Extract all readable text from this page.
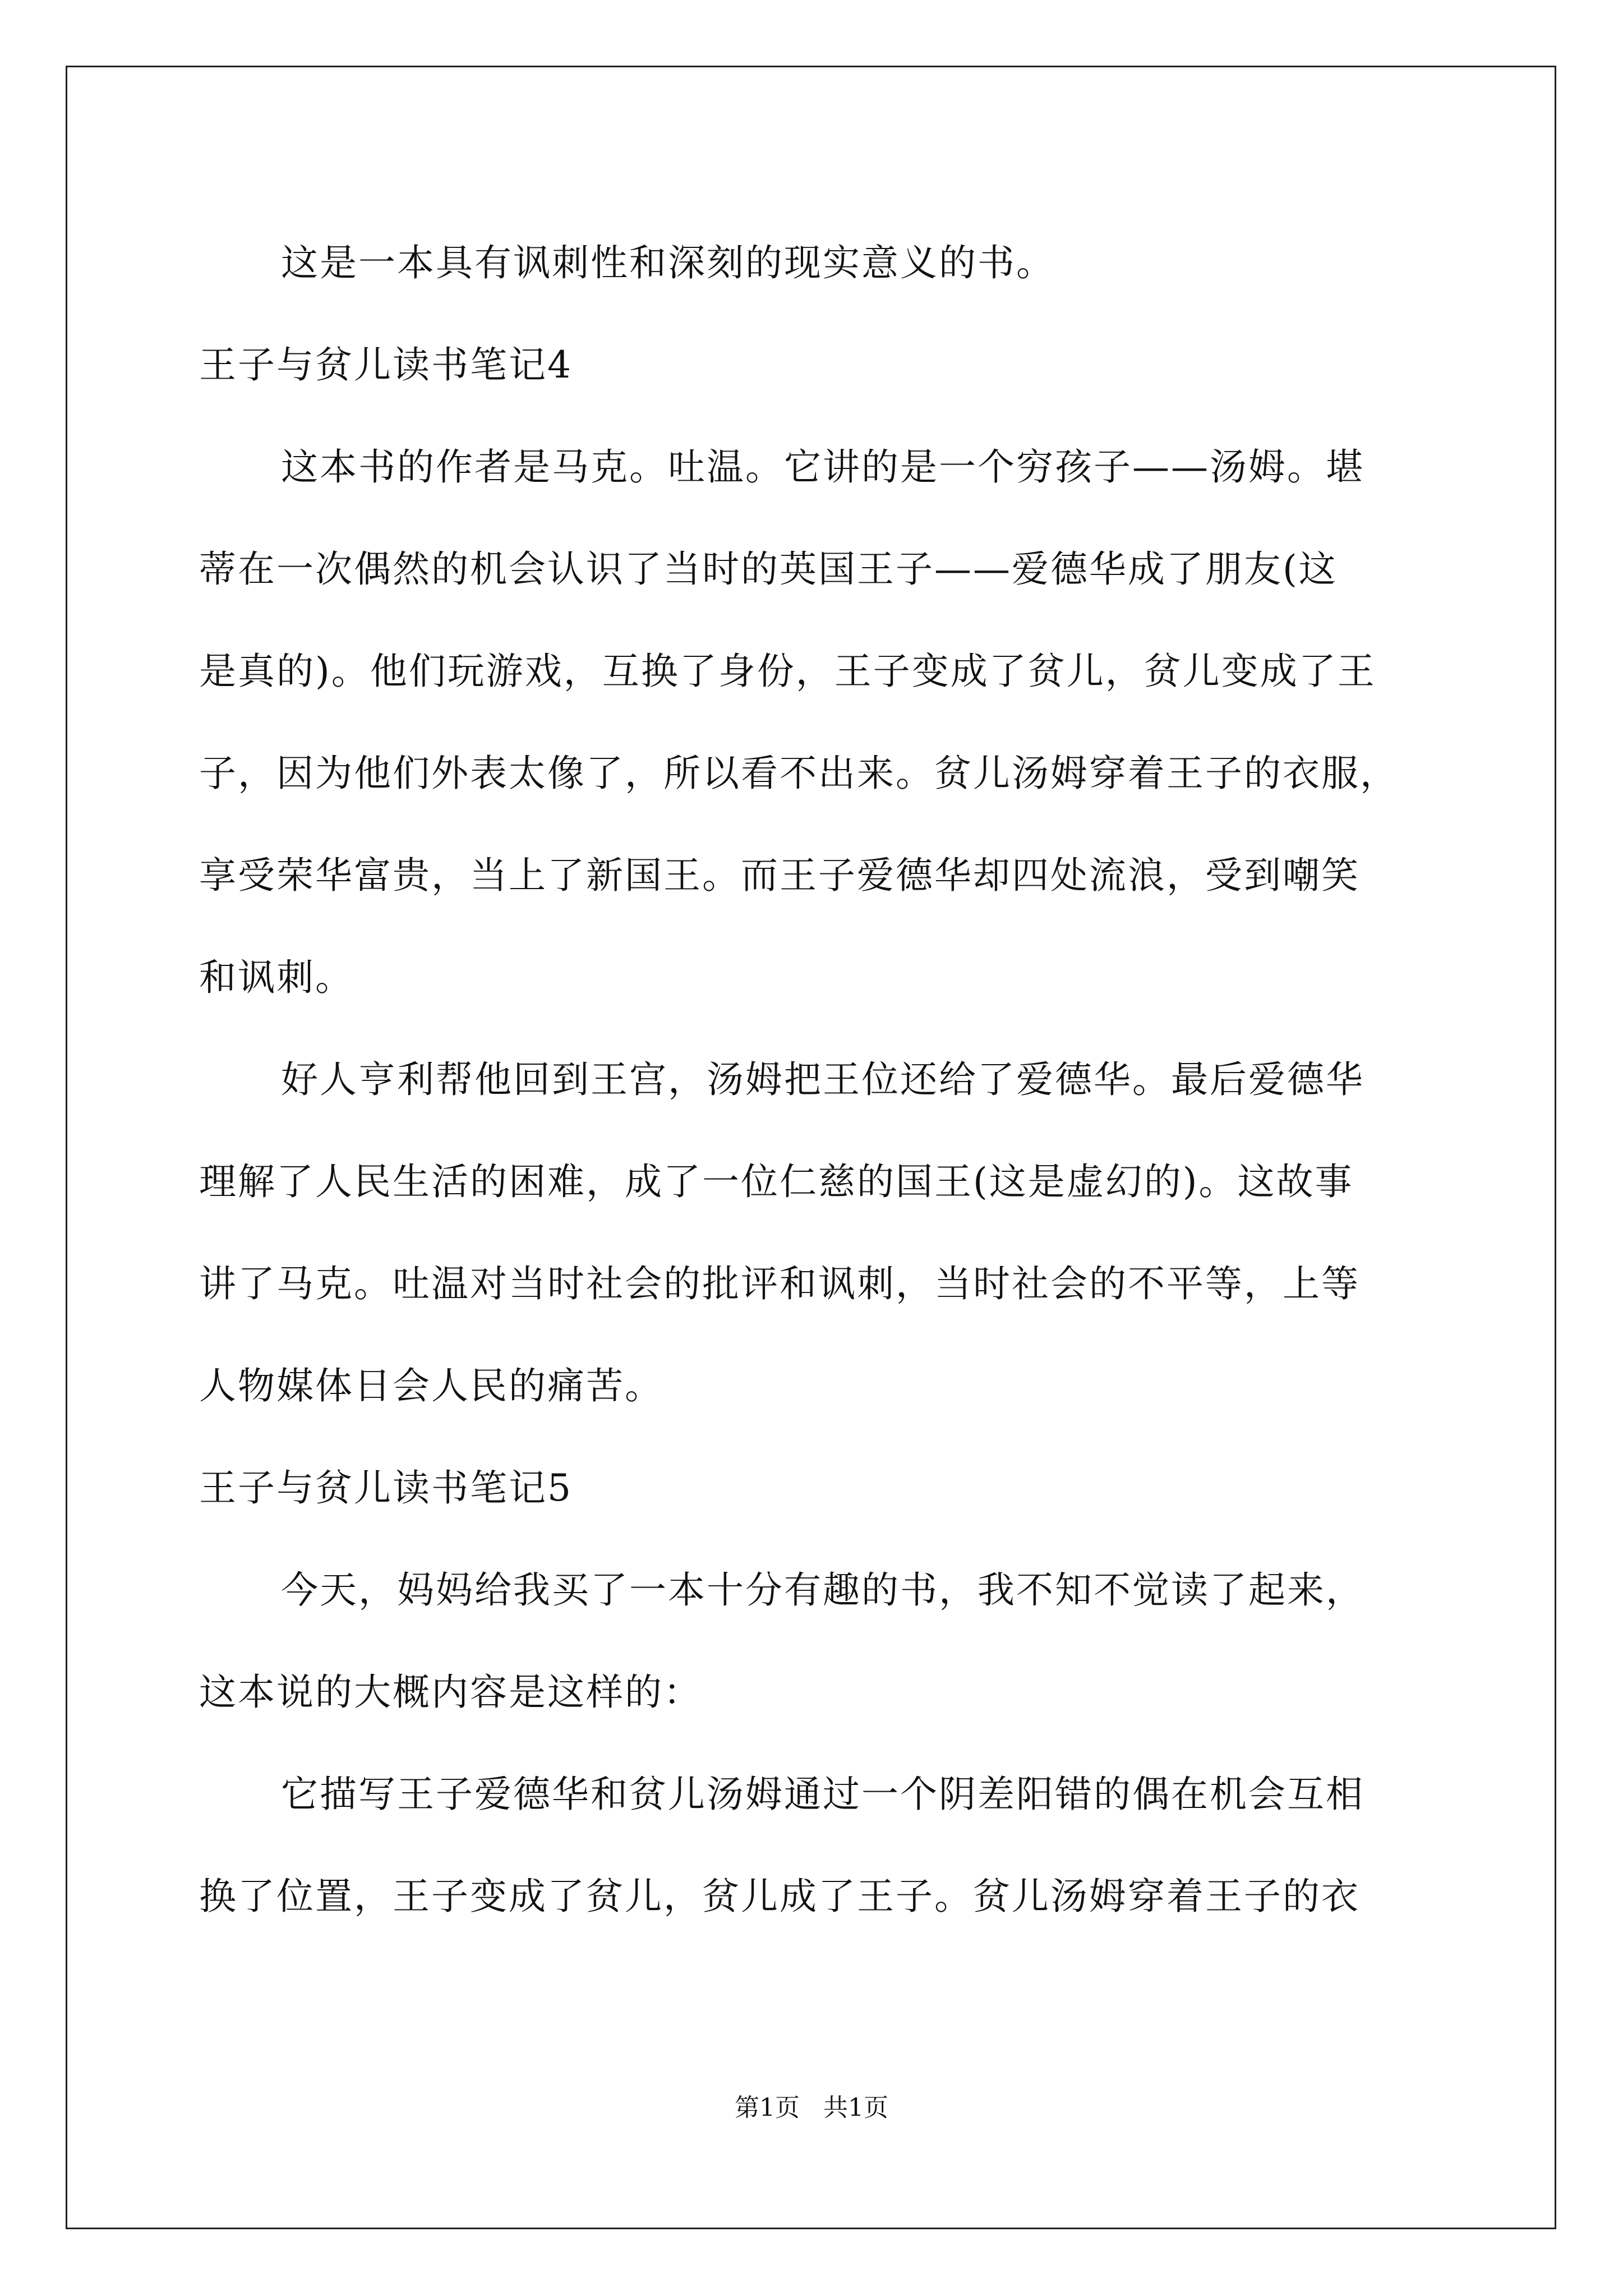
这是一本具有讽刺性和深刻的现实意义的书。

王子与贫儿读书笔记4

这本书的作者是马克。吐温。它讲的是一个穷孩子——汤姆。堪

蒂在一次偶然的机会认识了当时的英国王子——爱德华成了朋友(这

是真的)。他们玩游戏，互换了身份，王子变成了贫儿，贫儿变成了王

子，因为他们外表太像了，所以看不出来。贫儿汤姆穿着王子的衣服，

享受荣华富贵，当上了新国王。而王子爱德华却四处流浪，受到嘲笑

和讽刺。

好人亨利帮他回到王宫，汤姆把王位还给了爱德华。最后爱德华

理解了人民生活的困难，成了一位仁慈的国王(这是虚幻的)。这故事

讲了马克。吐温对当时社会的批评和讽刺，当时社会的不平等，上等

人物媒体日会人民的痛苦。

王子与贫儿读书笔记5

今天，妈妈给我买了一本十分有趣的书，我不知不觉读了起来，

这本说的大概内容是这样的：

它描写王子爱德华和贫儿汤姆通过一个阴差阳错的偶在机会互相

换了位置，王子变成了贫儿，贫儿成了王子。贫儿汤姆穿着王子的衣

第1页 共1页
